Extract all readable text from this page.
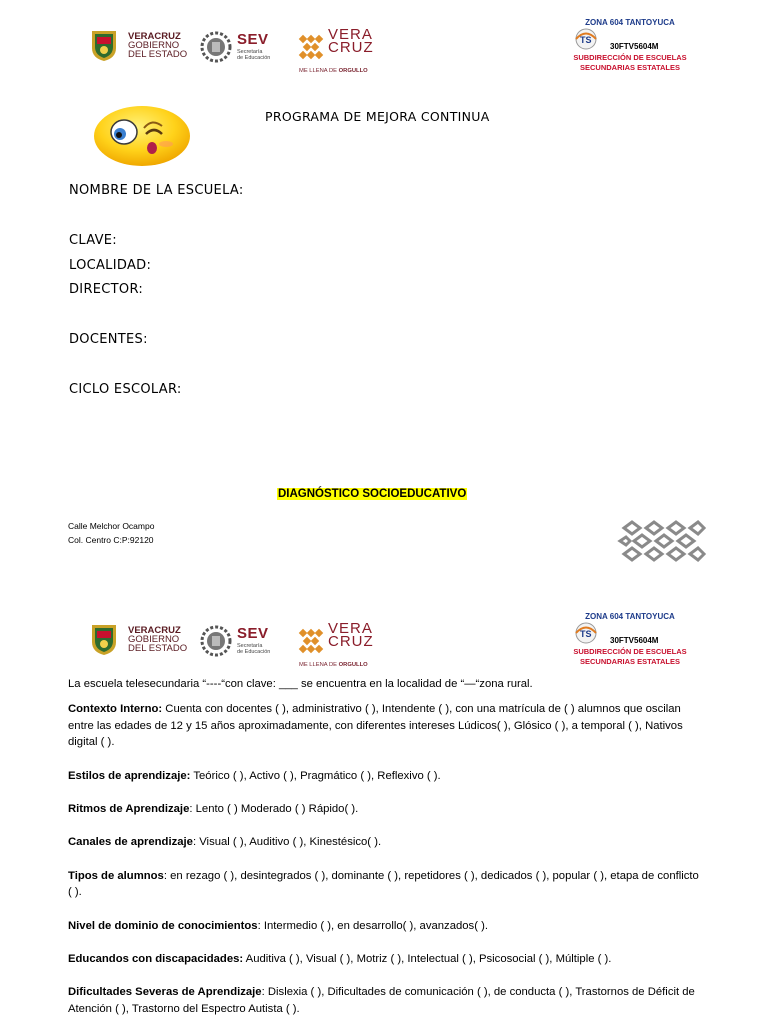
VERACRUZ
GOBIERNO
DEL ESTADO
SEV
Secretaría
de Educación
VERA
CRUZ
ME LLENA DE ORGULLO
ZONA 604 TANTOYUCA
TS
30FTV5604M
SUBDIRECCIÓN DE ESCUELAS
SECUNDARIAS ESTATALES
PROGRAMA DE MEJORA CONTINUA
NOMBRE DE LA ESCUELA:
CLAVE:
LOCALIDAD:
DIRECTOR:
DOCENTES:
CICLO ESCOLAR:
DIAGNÓSTICO SOCIOEDUCATIVO
Calle Melchor Ocampo
Col. Centro C:P:92120
VERACRUZ
GOBIERNO
DEL ESTADO
SEV
Secretaría
de Educación
VERA
CRUZ
ME LLENA DE ORGULLO
ZONA 604 TANTOYUCA
TS
30FTV5604M
SUBDIRECCIÓN DE ESCUELAS
SECUNDARIAS ESTATALES

La escuela telesecundaria “----“con clave: ___ se encuentra en la localidad de “—“zona rural.

Contexto Interno: Cuenta con docentes ( ), administrativo ( ), Intendente ( ), con una matrícula de ( ) alumnos que oscilan entre las edades de 12 y 15 años aproximadamente, con diferentes intereses Lúdicos( ), Glósico ( ), a temporal ( ), Nativos digital ( ).

Estilos de aprendizaje: Teórico ( ), Activo ( ), Pragmático ( ), Reflexivo ( ).

Ritmos de Aprendizaje: Lento ( ) Moderado ( ) Rápido( ).

Canales de aprendizaje: Visual ( ), Auditivo ( ), Kinestésico( ).

Tipos de alumnos: en rezago ( ), desintegrados ( ), dominante ( ), repetidores ( ), dedicados ( ), popular ( ), etapa de conflicto ( ).

Nivel de dominio de conocimientos: Intermedio ( ), en desarrollo( ), avanzados( ).

Educandos con discapacidades: Auditiva ( ), Visual ( ), Motriz ( ), Intelectual ( ), Psicosocial ( ), Múltiple ( ).

Dificultades Severas de Aprendizaje: Dislexia ( ), Dificultades de comunicación ( ), de conducta ( ), Trastornos de Déficit de Atención ( ), Trastorno del Espectro Autista ( ).
